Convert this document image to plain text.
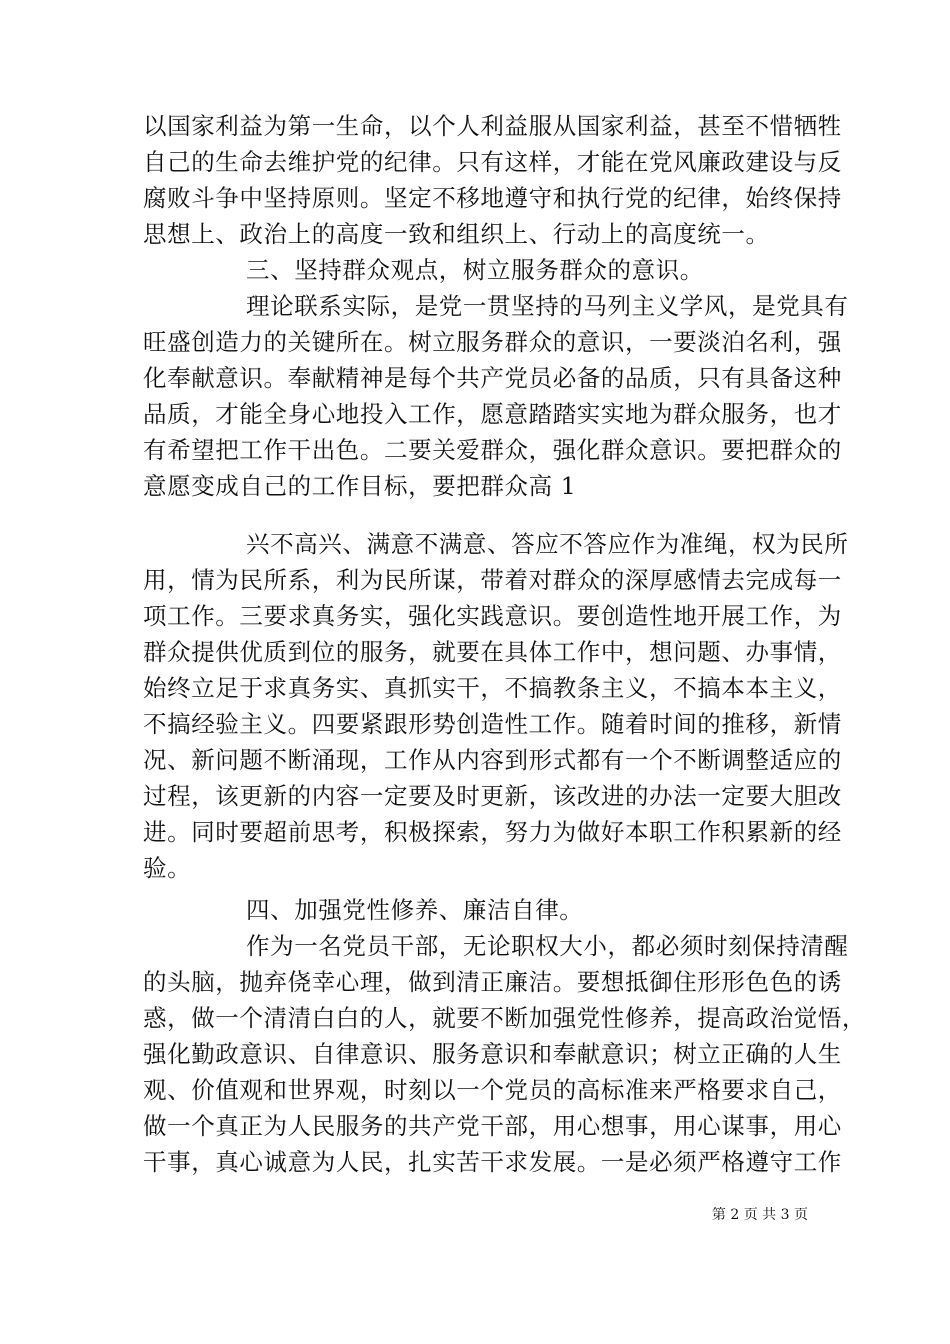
以国家利益为第一生命，以个人利益服从国家利益，甚至不惜牺牲
自己的生命去维护党的纪律。只有这样，才能在党风廉政建设与反
腐败斗争中坚持原则。坚定不移地遵守和执行党的纪律，始终保持
思想上、政治上的高度一致和组织上、行动上的高度统一。
三、坚持群众观点，树立服务群众的意识。
理论联系实际，是党一贯坚持的马列主义学风，是党具有
旺盛创造力的关键所在。树立服务群众的意识，一要淡泊名利，强
化奉献意识。奉献精神是每个共产党员必备的品质，只有具备这种
品质，才能全身心地投入工作，愿意踏踏实实地为群众服务，也才
有希望把工作干出色。二要关爱群众，强化群众意识。要把群众的
意愿变成自己的工作目标，要把群众高 1
兴不高兴、满意不满意、答应不答应作为准绳，权为民所
用，情为民所系，利为民所谋，带着对群众的深厚感情去完成每一
项工作。三要求真务实，强化实践意识。要创造性地开展工作，为
群众提供优质到位的服务，就要在具体工作中，想问题、办事情，
始终立足于求真务实、真抓实干，不搞教条主义，不搞本本主义，
不搞经验主义。四要紧跟形势创造性工作。随着时间的推移，新情
况、新问题不断涌现，工作从内容到形式都有一个不断调整适应的
过程，该更新的内容一定要及时更新，该改进的办法一定要大胆改
进。同时要超前思考，积极探索，努力为做好本职工作积累新的经
验。
四、加强党性修养、廉洁自律。
作为一名党员干部，无论职权大小，都必须时刻保持清醒
的头脑，抛弃侥幸心理，做到清正廉洁。要想抵御住形形色色的诱
惑，做一个清清白白的人，就要不断加强党性修养，提高政治觉悟，
强化勤政意识、自律意识、服务意识和奉献意识；树立正确的人生
观、价值观和世界观，时刻以一个党员的高标准来严格要求自己，
做一个真正为人民服务的共产党干部，用心想事，用心谋事，用心
干事，真心诚意为人民，扎实苦干求发展。一是必须严格遵守工作
第 2 页 共 3 页
